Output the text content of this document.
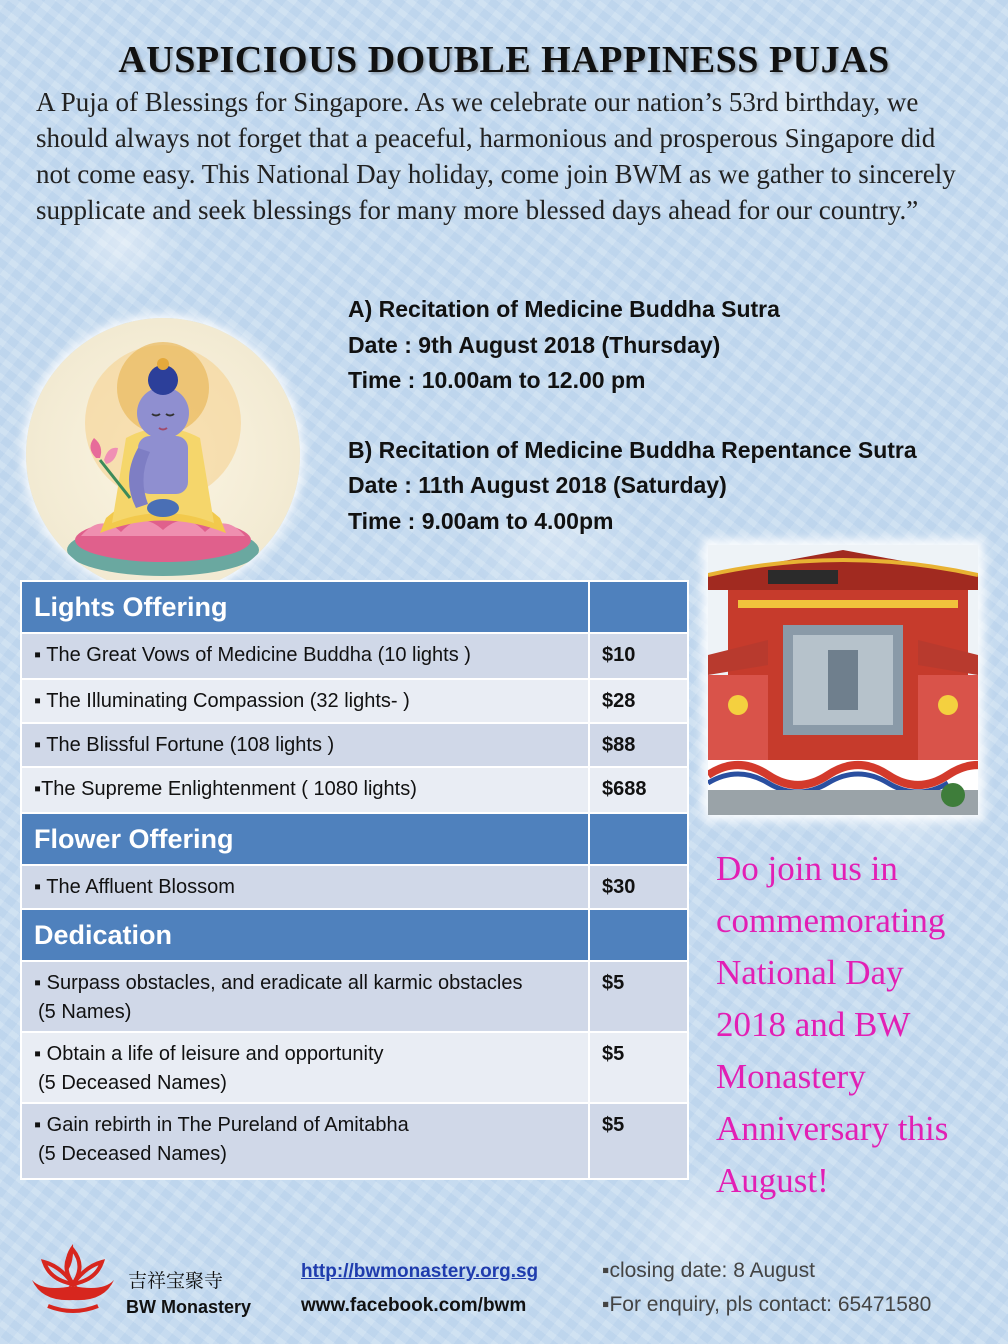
AUSPICIOUS DOUBLE HAPPINESS PUJAS
A Puja of Blessings for Singapore. As we celebrate our nation’s 53rd birthday, we should always not forget that a peaceful, harmonious and prosperous Singapore did not come easy. This National Day holiday, come join BWM as we gather to sincerely supplicate and seek blessings for many more blessed days ahead for our country.”
A) Recitation of Medicine Buddha Sutra
Date : 9th August 2018 (Thursday)
Time : 10.00am to 12.00 pm
B) Recitation of Medicine Buddha Repentance Sutra
Date : 11th August 2018 (Saturday)
Time : 9.00am to 4.00pm
Lights Offering	
▪ The Great Vows of Medicine Buddha (10 lights )	$10
▪ The Illuminating Compassion (32 lights- )	$28
▪ The Blissful Fortune (108 lights )	$88
▪The Supreme Enlightenment ( 1080 lights)	$688
Flower Offering	
▪ The Affluent Blossom	$30
Dedication	

▪ Surpass obstacles, and eradicate all karmic obstacles
(5 Names)	$5

▪ Obtain a life of leisure and opportunity
(5 Deceased Names)	$5

▪ Gain rebirth in The Pureland of Amitabha
(5 Deceased Names)	$5
Do join us in
commemorating
National Day
2018 and BW
Monastery
Anniversary this
August!
吉祥宝聚寺
BW Monastery
http://bwmonastery.org.sg
www.facebook.com/bwm
▪closing date: 8 August
▪For enquiry, pls contact: 65471580
